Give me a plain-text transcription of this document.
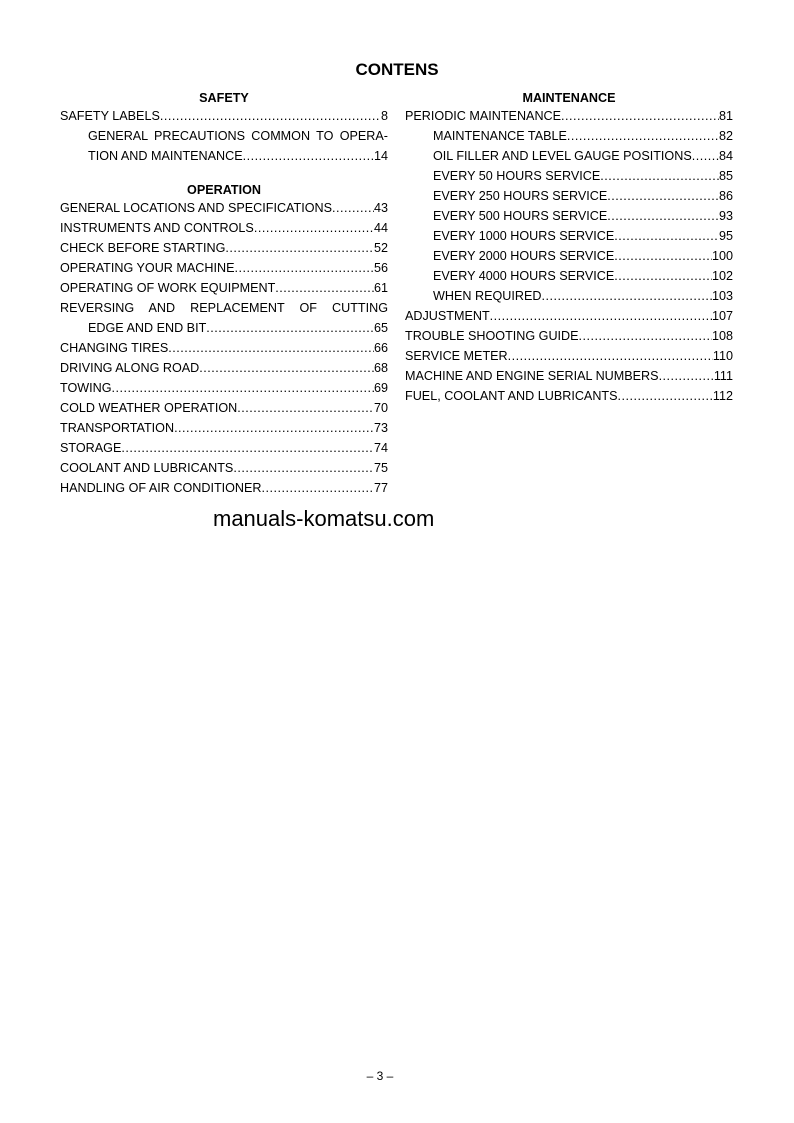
CONTENS
SAFETY
SAFETY LABELS .....	8
GENERAL PRECAUTIONS COMMON TO OPERA-
TION AND MAINTENANCE .....	14
OPERATION
GENERAL LOCATIONS AND SPECIFICATIONS .....	43
INSTRUMENTS AND CONTROLS .....	44
CHECK BEFORE STARTING .....	52
OPERATING YOUR MACHINE .....	56
OPERATING OF WORK EQUIPMENT .....	61
REVERSING AND REPLACEMENT OF CUTTING
EDGE AND END BIT .....	65
CHANGING TIRES .....	66
DRIVING ALONG ROAD .....	68
TOWING .....	69
COLD WEATHER OPERATION .....	70
TRANSPORTATION .....	73
STORAGE .....	74
COOLANT AND LUBRICANTS .....	75
HANDLING OF AIR CONDITIONER .....	77
MAINTENANCE
PERIODIC MAINTENANCE .....	81
MAINTENANCE TABLE .....	82
OIL FILLER AND LEVEL GAUGE POSITIONS ..... 84
EVERY 50 HOURS SERVICE .....	85
EVERY 250 HOURS SERVICE .....	86
EVERY 500 HOURS SERVICE .....	93
EVERY 1000 HOURS SERVICE .....	95
EVERY 2000 HOURS SERVICE .....	100
EVERY 4000 HOURS SERVICE .....	102
WHEN REQUIRED .....	103
ADJUSTMENT .....	107
TROUBLE SHOOTING GUIDE .....	108
SERVICE METER .....	110
MACHINE AND ENGINE SERIAL NUMBERS .....	111
FUEL, COOLANT AND LUBRICANTS .....	112
manuals-komatsu.com
– 3 –
